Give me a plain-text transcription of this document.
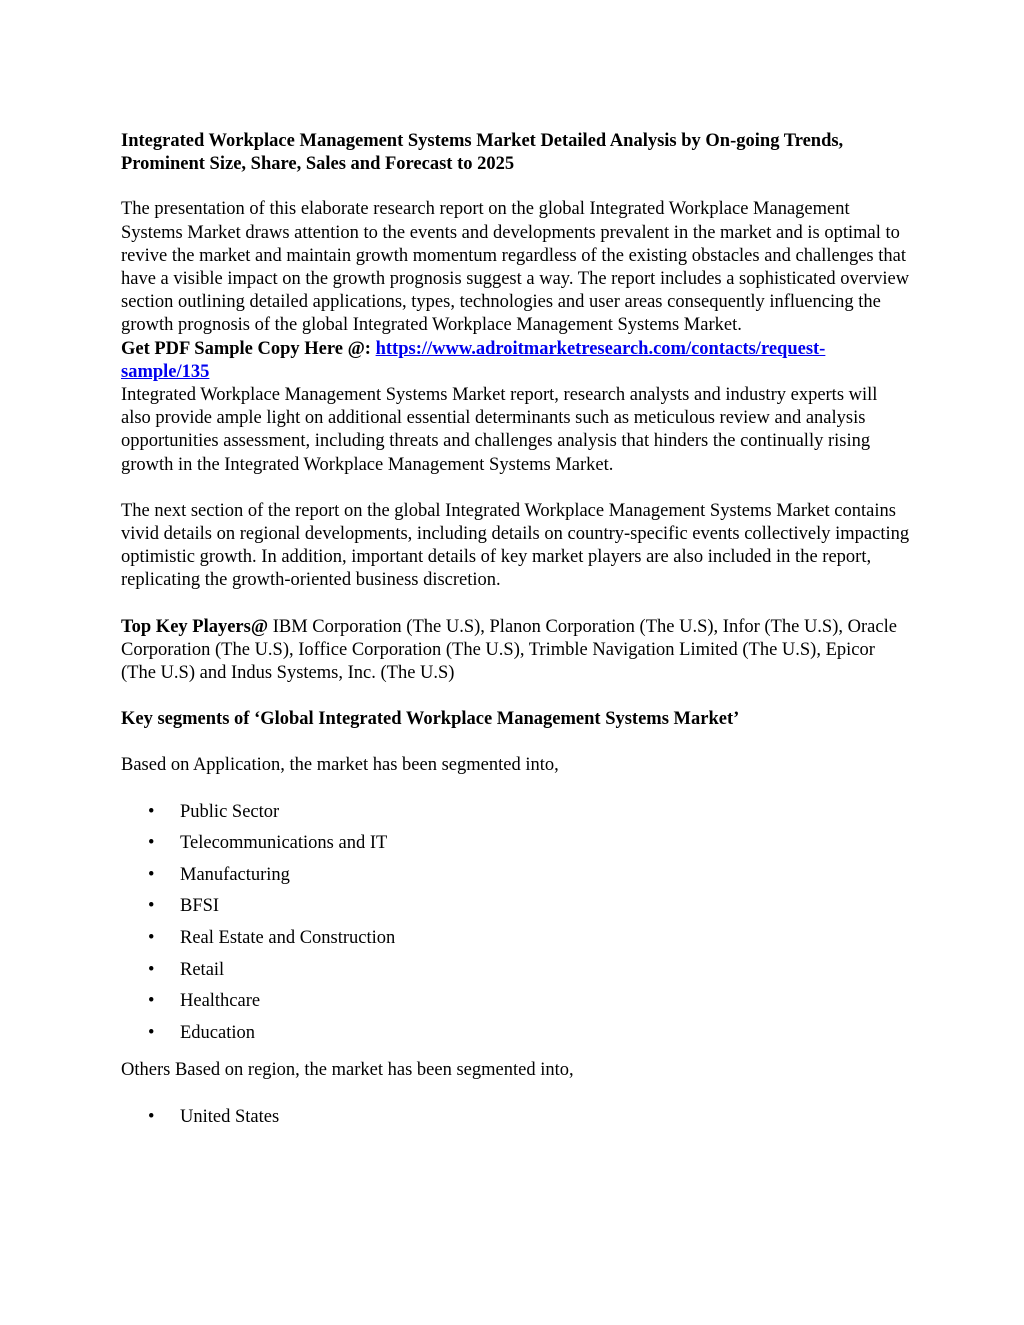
Integrated Workplace Management Systems Market Detailed Analysis by On-going Trends, Prominent Size, Share, Sales and Forecast to 2025

The presentation of this elaborate research report on the global Integrated Workplace Management Systems Market draws attention to the events and developments prevalent in the market and is optimal to revive the market and maintain growth momentum regardless of the existing obstacles and challenges that have a visible impact on the growth prognosis suggest a way. The report includes a sophisticated overview section outlining detailed applications, types, technologies and user areas consequently influencing the growth prognosis of the global Integrated Workplace Management Systems Market.

Get PDF Sample Copy Here @: https://www.adroitmarketresearch.com/contacts/request-sample/135

Integrated Workplace Management Systems Market report, research analysts and industry experts will also provide ample light on additional essential determinants such as meticulous review and analysis opportunities assessment, including threats and challenges analysis that hinders the continually rising growth in the Integrated Workplace Management Systems Market.

The next section of the report on the global Integrated Workplace Management Systems Market contains vivid details on regional developments, including details on country-specific events collectively impacting optimistic growth. In addition, important details of key market players are also included in the report, replicating the growth-oriented business discretion.

Top Key Players@ IBM Corporation (The U.S), Planon Corporation (The U.S), Infor (The U.S), Oracle Corporation (The U.S), Ioffice Corporation (The U.S), Trimble Navigation Limited (The U.S), Epicor (The U.S) and Indus Systems, Inc. (The U.S)

Key segments of ‘Global Integrated Workplace Management Systems Market’

Based on Application, the market has been segmented into,

• Public Sector
• Telecommunications and IT
• Manufacturing
• BFSI
• Real Estate and Construction
• Retail
• Healthcare
• Education

Others Based on region, the market has been segmented into,

• United States
